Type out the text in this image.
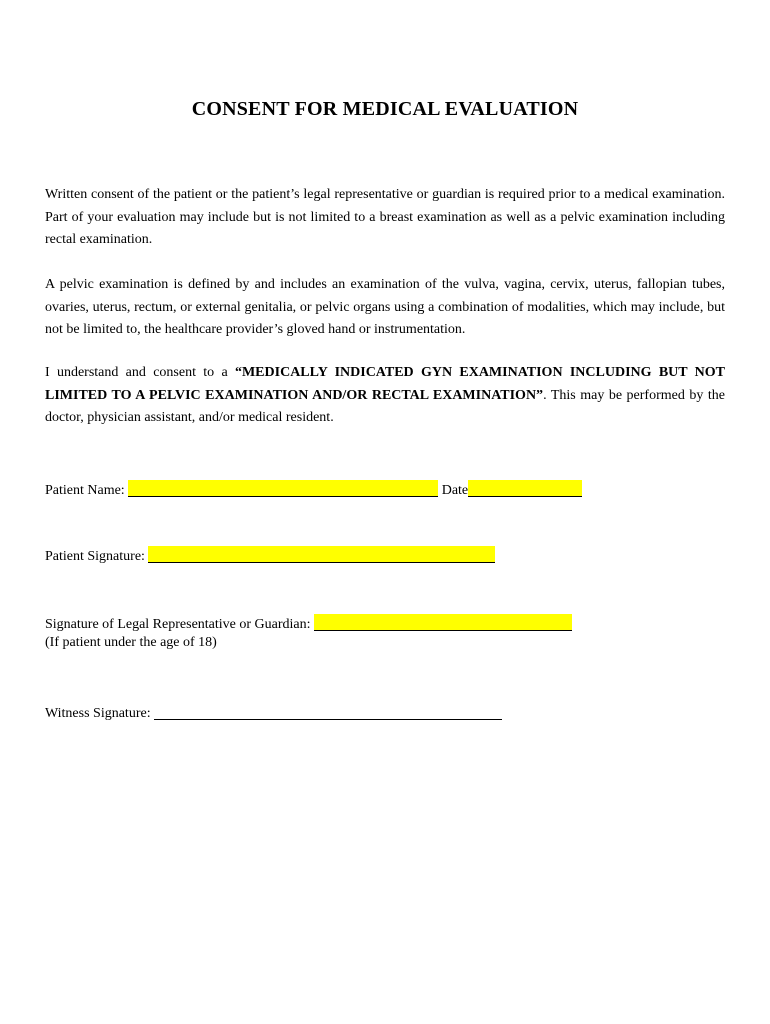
CONSENT FOR MEDICAL EVALUATION
Written consent of the patient or the patient’s legal representative or guardian is required prior to a medical examination. Part of your evaluation may include but is not limited to a breast examination as well as a pelvic examination including rectal examination.
A pelvic examination is defined by and includes an examination of the vulva, vagina, cervix, uterus, fallopian tubes, ovaries, uterus, rectum, or external genitalia, or pelvic organs using a combination of modalities, which may include, but not be limited to, the healthcare provider’s gloved hand or instrumentation.
I understand and consent to a “MEDICALLY INDICATED GYN EXAMINATION INCLUDING BUT NOT LIMITED TO A PELVIC EXAMINATION AND/OR RECTAL EXAMINATION”. This may be performed by the doctor, physician assistant, and/or medical resident.
Patient Name:	Date
Patient Signature:
Signature of Legal Representative or Guardian:
(If patient under the age of 18)
Witness Signature:
